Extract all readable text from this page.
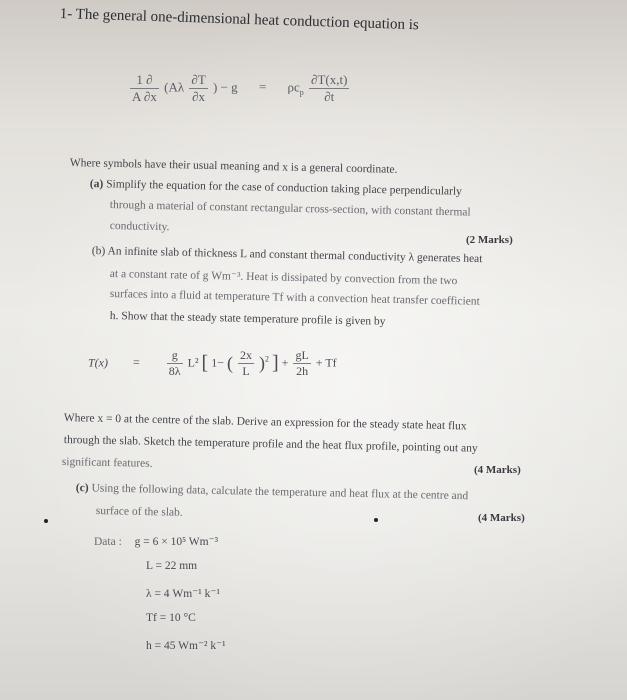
1- The general one-dimensional heat conduction equation is
$\frac{1 \partial}{A \partial x} (A\lambda \frac{\partial T}{\partial x}$ ) − $g = \rho c_p \frac{\partial T(x,t)}{\partial t}$
Where symbols have their usual meaning and x is a general coordinate.
(a) Simplify the equation for the case of conduction taking place perpendicularly
through a material of constant rectangular cross-section, with constant thermal
conductivity.
(2 Marks)
(b) An infinite slab of thickness L and constant thermal conductivity λ generates heat
at a constant rate of g Wm⁻³. Heat is dissipated by convection from the two
surfaces into a fluid at temperature Tf with a convection heat transfer coefficient
h. Show that the steady state temperature profile is given by
$T(x) = \frac{g}{8\lambda} L^2$ [ 1− ( $\frac{2x}{L} )^2$ ] + $\frac{gL}{2h} + Tf$
Where x = 0 at the centre of the slab. Derive an expression for the steady state heat flux
through the slab. Sketch the temperature profile and the heat flux profile, pointing out any
significant features.
(4 Marks)
(c) Using the following data, calculate the temperature and heat flux at the centre and
surface of the slab.	(4 Marks)
Data : g = 6 × 10⁵ Wm⁻³
L = 22 mm
λ = 4 Wm⁻¹ k⁻¹
Tf = 10 °C
h = 45 Wm⁻² k⁻¹
